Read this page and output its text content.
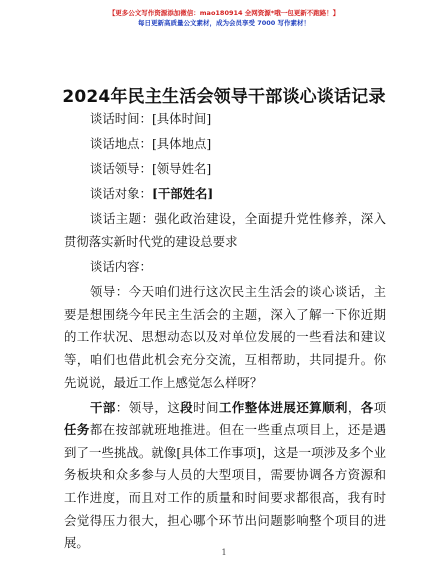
【更多公文写作资源添加微信：mao180914 全网资源*哦一包更新不跑路！】
每日更新高质量公文素材，成为会员享受 7000 写作素材！
2024年民主生活会领导干部谈心谈话记录

谈话时间：[具体时间]

谈话地点：[具体地点]

谈话领导：[领导姓名]

谈话对象：[干部姓名]

谈话主题：强化政治建设，全面提升党性修养，深入贯彻落实新时代党的建设总要求

谈话内容：

领导：今天咱们进行这次民主生活会的谈心谈话，主要是想围绕今年民主生活会的主题，深入了解一下你近期的工作状况、思想动态以及对单位发展的一些看法和建议等，咱们也借此机会充分交流，互相帮助，共同提升。你先说说，最近工作上感觉怎么样呀？

干部：领导，这段时间工作整体进展还算顺利，各项任务都在按部就班地推进。但在一些重点项目上，还是遇到了一些挑战。就像[具体工作事项]，这是一项涉及多个业务板块和众多参与人员的大型项目，需要协调各方资源和工作进度，而且对工作的质量和时间要求都很高，我有时会觉得压力很大，担心哪个环节出问题影响整个项目的进展。

1
